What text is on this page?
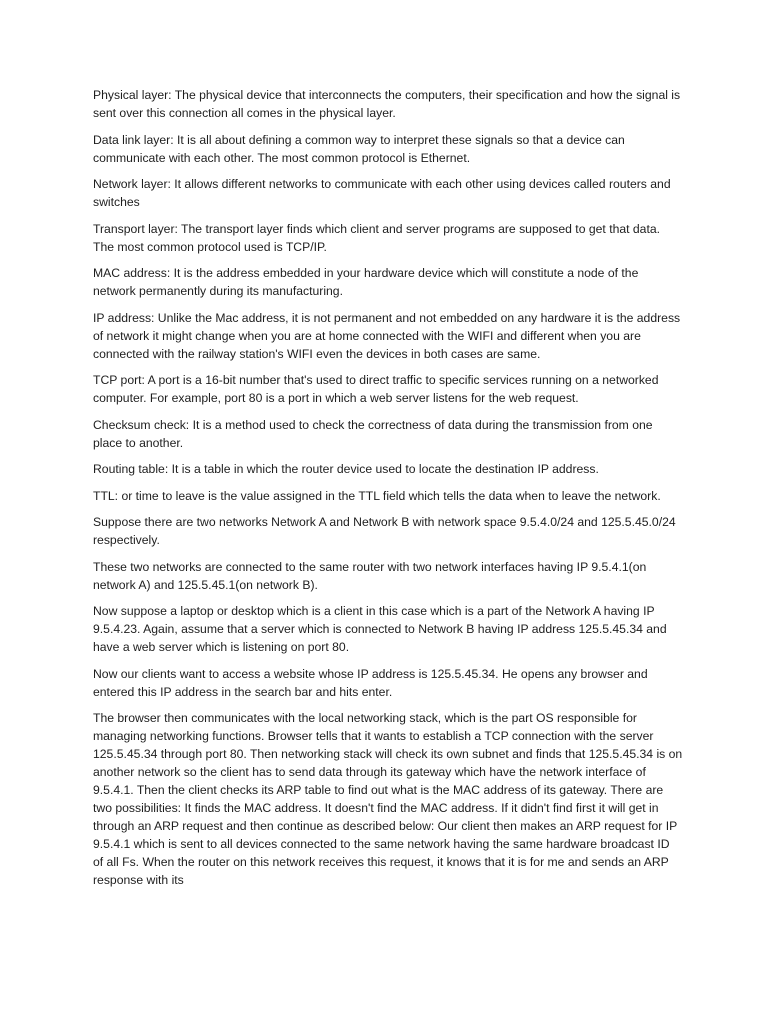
Physical layer: The physical device that interconnects the computers, their specification and how the signal is sent over this connection all comes in the physical layer.

Data link layer: It is all about defining a common way to interpret these signals so that a device can communicate with each other. The most common protocol is Ethernet.

Network layer: It allows different networks to communicate with each other using devices called routers and switches

Transport layer: The transport layer finds which client and server programs are supposed to get that data. The most common protocol used is TCP/IP.

MAC address: It is the address embedded in your hardware device which will constitute a node of the network permanently during its manufacturing.

IP address: Unlike the Mac address, it is not permanent and not embedded on any hardware it is the address of network it might change when you are at home connected with the WIFI and different when you are connected with the railway station's WIFI even the devices in both cases are same.

TCP port: A port is a 16-bit number that's used to direct traffic to specific services running on a networked computer. For example, port 80 is a port in which a web server listens for the web request.

Checksum check: It is a method used to check the correctness of data during the transmission from one place to another.

Routing table: It is a table in which the router device used to locate the destination IP address.

TTL: or time to leave is the value assigned in the TTL field which tells the data when to leave the network.

Suppose there are two networks Network A and Network B with network space 9.5.4.0/24 and 125.5.45.0/24 respectively.

These two networks are connected to the same router with two network interfaces having IP 9.5.4.1(on network A) and 125.5.45.1(on network B).

Now suppose a laptop or desktop which is a client in this case which is a part of the Network A having IP 9.5.4.23. Again, assume that a server which is connected to Network B having IP address 125.5.45.34 and have a web server which is listening on port 80.

Now our clients want to access a website whose IP address is 125.5.45.34. He opens any browser and entered this IP address in the search bar and hits enter.

The browser then communicates with the local networking stack, which is the part OS responsible for managing networking functions. Browser tells that it wants to establish a TCP connection with the server 125.5.45.34 through port 80. Then networking stack will check its own subnet and finds that 125.5.45.34 is on another network so the client has to send data through its gateway which have the network interface of 9.5.4.1. Then the client checks its ARP table to find out what is the MAC address of its gateway. There are two possibilities: It finds the MAC address. It doesn't find the MAC address. If it didn't find first it will get in through an ARP request and then continue as described below: Our client then makes an ARP request for IP 9.5.4.1 which is sent to all devices connected to the same network having the same hardware broadcast ID of all Fs. When the router on this network receives this request, it knows that it is for me and sends an ARP response with its
